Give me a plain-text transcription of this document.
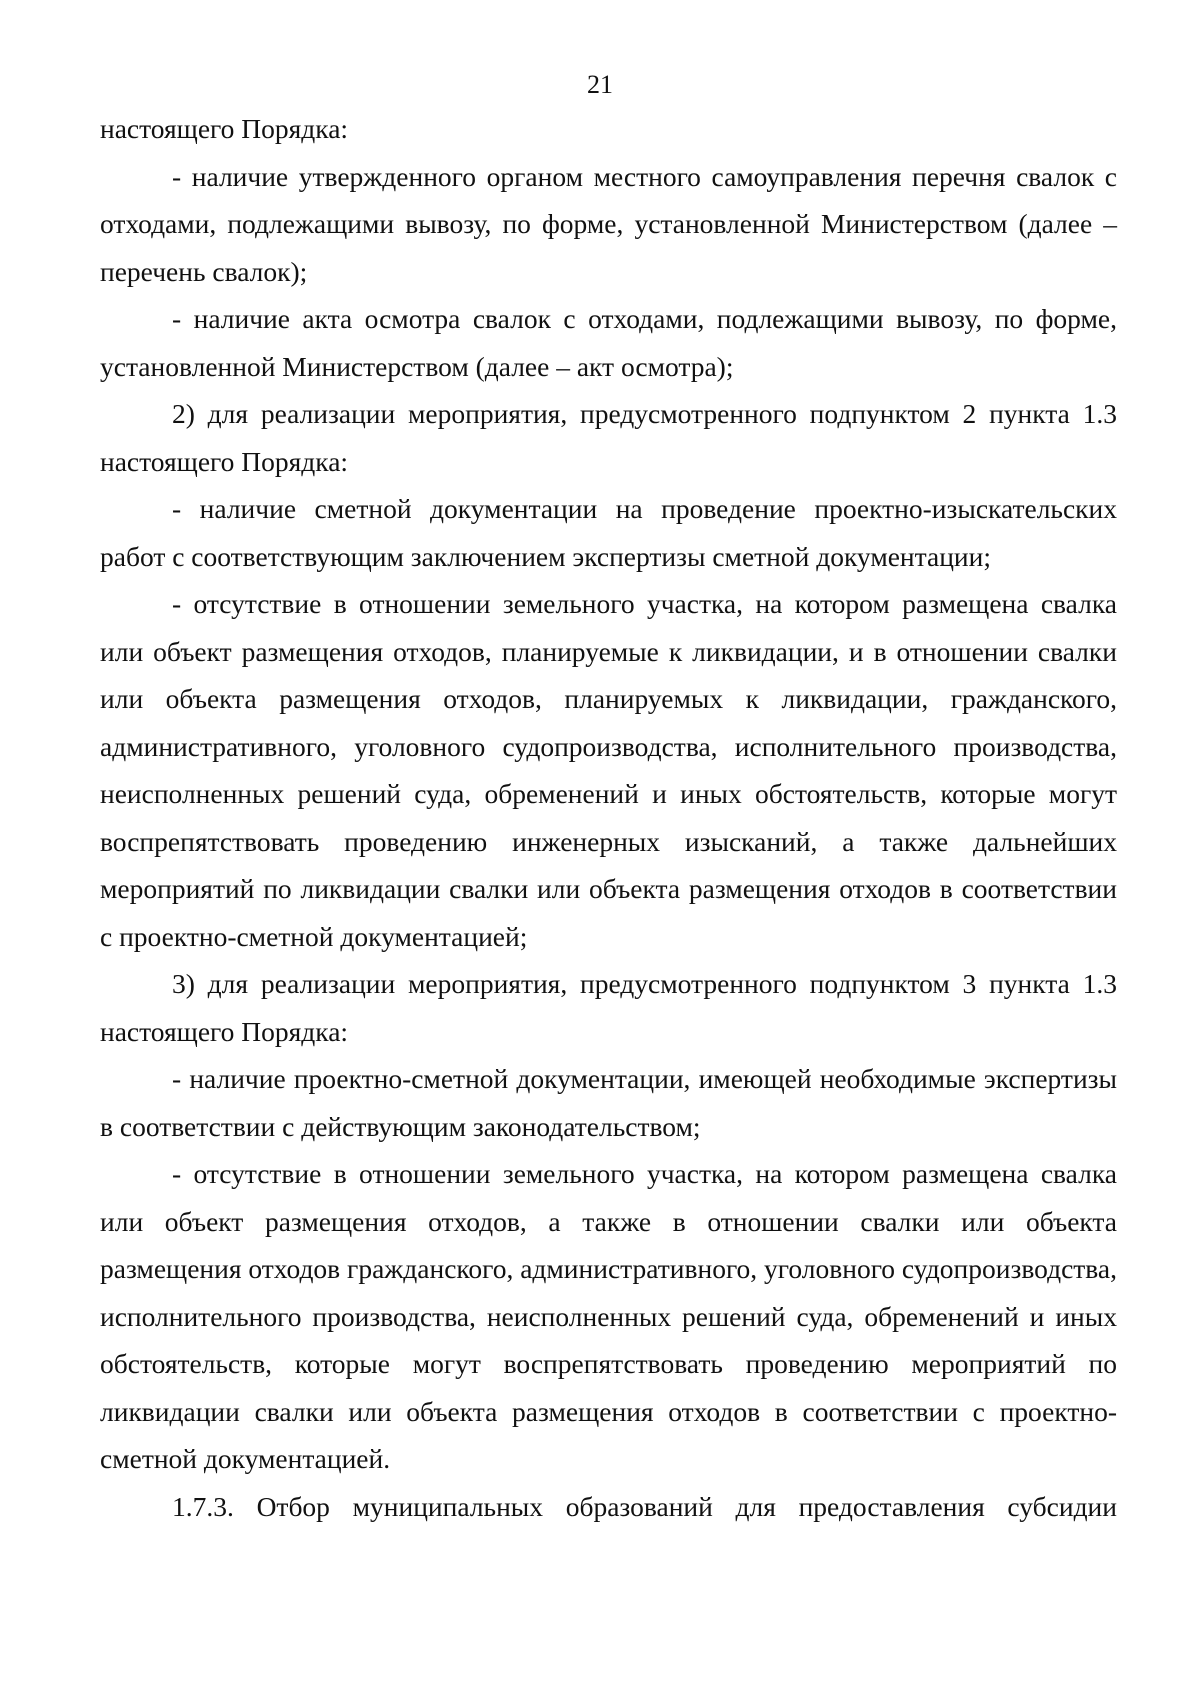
21

настоящего Порядка:

- наличие утвержденного органом местного самоуправления перечня свалок с отходами, подлежащими вывозу, по форме, установленной Министерством (далее – перечень свалок);

- наличие акта осмотра свалок с отходами, подлежащими вывозу, по форме, установленной Министерством (далее – акт осмотра);

2) для реализации мероприятия, предусмотренного подпунктом 2 пункта 1.3 настоящего Порядка:

- наличие сметной документации на проведение проектно-изыскательских работ с соответствующим заключением экспертизы сметной документации;

- отсутствие в отношении земельного участка, на котором размещена свалка или объект размещения отходов, планируемые к ликвидации, и в отношении свалки или объекта размещения отходов, планируемых к ликвидации, гражданского, административного, уголовного судопроизводства, исполнительного производства, неисполненных решений суда, обременений и иных обстоятельств, которые могут воспрепятствовать проведению инженерных изысканий, а также дальнейших мероприятий по ликвидации свалки или объекта размещения отходов в соответствии с проектно-сметной документацией;

3) для реализации мероприятия, предусмотренного подпунктом 3 пункта 1.3 настоящего Порядка:

- наличие проектно-сметной документации, имеющей необходимые экспертизы в соответствии с действующим законодательством;

- отсутствие в отношении земельного участка, на котором размещена свалка или объект размещения отходов, а также в отношении свалки или объекта размещения отходов гражданского, административного, уголовного судопроизводства, исполнительного производства, неисполненных решений суда, обременений и иных обстоятельств, которые могут воспрепятствовать проведению мероприятий по ликвидации свалки или объекта размещения отходов в соответствии с проектно-сметной документацией.

1.7.3. Отбор муниципальных образований для предоставления субсидии
